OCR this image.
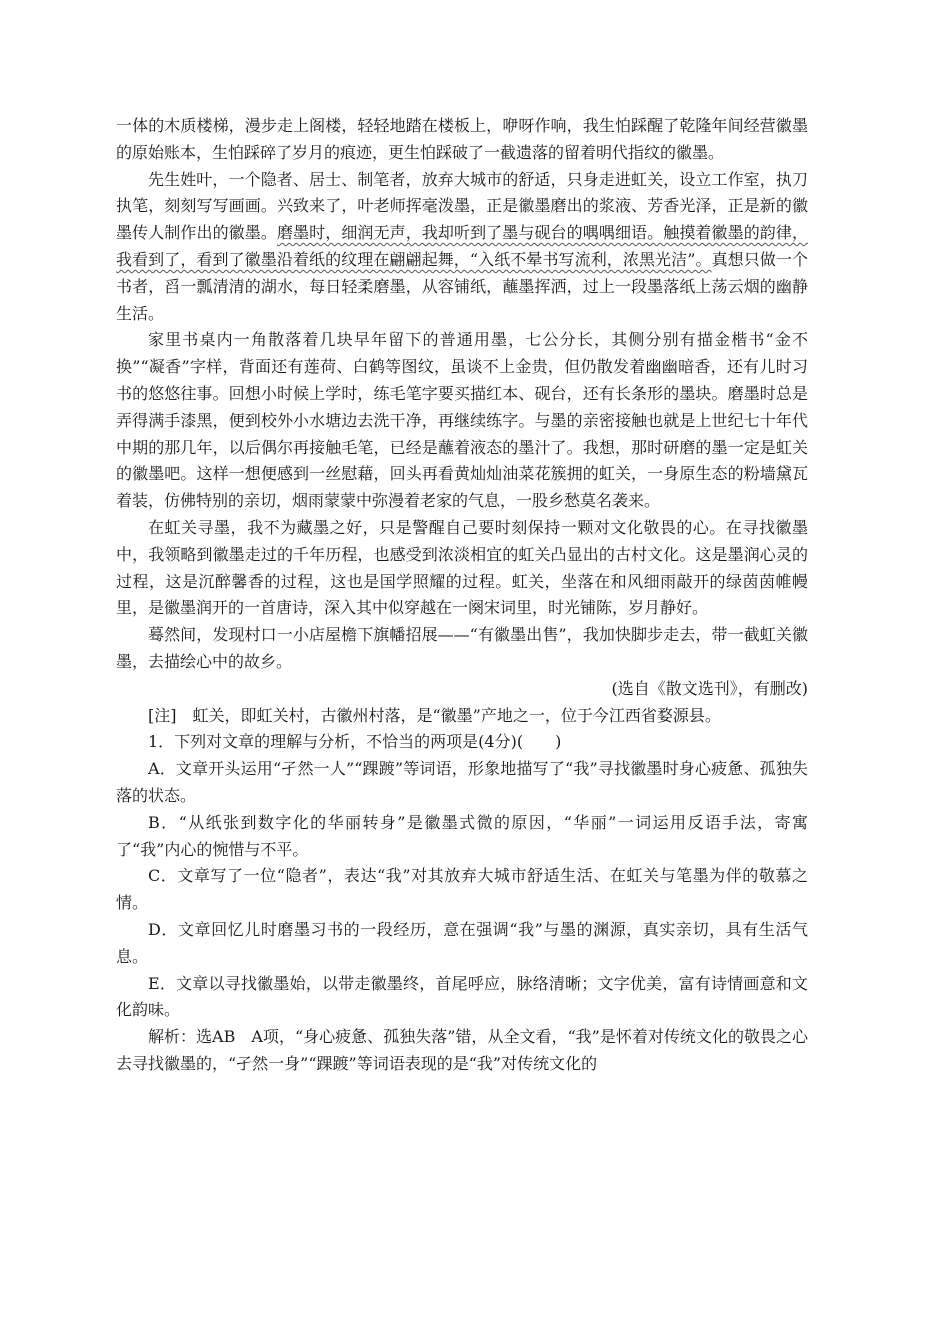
一体的木质楼梯，漫步走上阁楼，轻轻地踏在楼板上，咿呀作响，我生怕踩醒了乾隆年间经营徽墨的原始账本，生怕踩碎了岁月的痕迹，更生怕踩破了一截遗落的留着明代指纹的徽墨。

先生姓叶，一个隐者、居士、制笔者，放弃大城市的舒适，只身走进虹关，设立工作室，执刀执笔，刻刻写写画画。兴致来了，叶老师挥毫泼墨，正是徽墨磨出的浆液、芳香光泽，正是新的徽墨传人制作出的徽墨。磨墨时，细润无声，我却听到了墨与砚台的喁喁细语。触摸着徽墨的韵律，我看到了，看到了徽墨沿着纸的纹理在翩翩起舞，“入纸不晕书写流利，浓黑光洁”。真想只做一个书者，舀一瓢清清的湖水，每日轻柔磨墨，从容铺纸，蘸墨挥洒，过上一段墨落纸上荡云烟的幽静生活。

家里书桌内一角散落着几块早年留下的普通用墨，七公分长，其侧分别有描金楷书“金不换”“凝香”字样，背面还有莲荷、白鹤等图纹，虽谈不上金贵，但仍散发着幽幽暗香，还有儿时习书的悠悠往事。回想小时候上学时，练毛笔字要买描红本、砚台，还有长条形的墨块。磨墨时总是弄得满手漆黑，便到校外小水塘边去洗干净，再继续练字。与墨的亲密接触也就是上世纪七十年代中期的那几年，以后偶尔再接触毛笔，已经是蘸着液态的墨汁了。我想，那时研磨的墨一定是虹关的徽墨吧。这样一想便感到一丝慰藉，回头再看黄灿灿油菜花簇拥的虹关，一身原生态的粉墙黛瓦着装，仿佛特别的亲切，烟雨蒙蒙中弥漫着老家的气息，一股乡愁莫名袭来。

在虹关寻墨，我不为藏墨之好，只是警醒自己要时刻保持一颗对文化敬畏的心。在寻找徽墨中，我领略到徽墨走过的千年历程，也感受到浓淡相宜的虹关凸显出的古村文化。这是墨润心灵的过程，这是沉醉馨香的过程，这也是国学照耀的过程。虹关，坐落在和风细雨敲开的绿茵茵帷幔里，是徽墨润开的一首唐诗，深入其中似穿越在一阕宋词里，时光铺陈，岁月静好。

蓦然间，发现村口一小店屋檐下旗幡招展——“有徽墨出售”，我加快脚步走去，带一截虹关徽墨，去描绘心中的故乡。

(选自《散文选刊》，有删改)

[注]　虹关，即虹关村，古徽州村落，是“徽墨”产地之一，位于今江西省婺源县。

1．下列对文章的理解与分析，不恰当的两项是(4分)(　　)

A．文章开头运用“孑然一人”“踝踱”等词语，形象地描写了“我”寻找徽墨时身心疲惫、孤独失落的状态。

B．“从纸张到数字化的华丽转身”是徽墨式微的原因，“华丽”一词运用反语手法，寄寓了“我”内心的惋惜与不平。

C．文章写了一位“隐者”，表达“我”对其放弃大城市舒适生活、在虹关与笔墨为伴的敬慕之情。

D．文章回忆儿时磨墨习书的一段经历，意在强调“我”与墨的渊源，真实亲切，具有生活气息。

E．文章以寻找徽墨始，以带走徽墨终，首尾呼应，脉络清晰；文字优美，富有诗情画意和文化韵味。

解析：选AB　A项，“身心疲惫、孤独失落”错，从全文看，“我”是怀着对传统文化的敬畏之心去寻找徽墨的，“孑然一身”“踝踱”等词语表现的是“我”对传统文化的
